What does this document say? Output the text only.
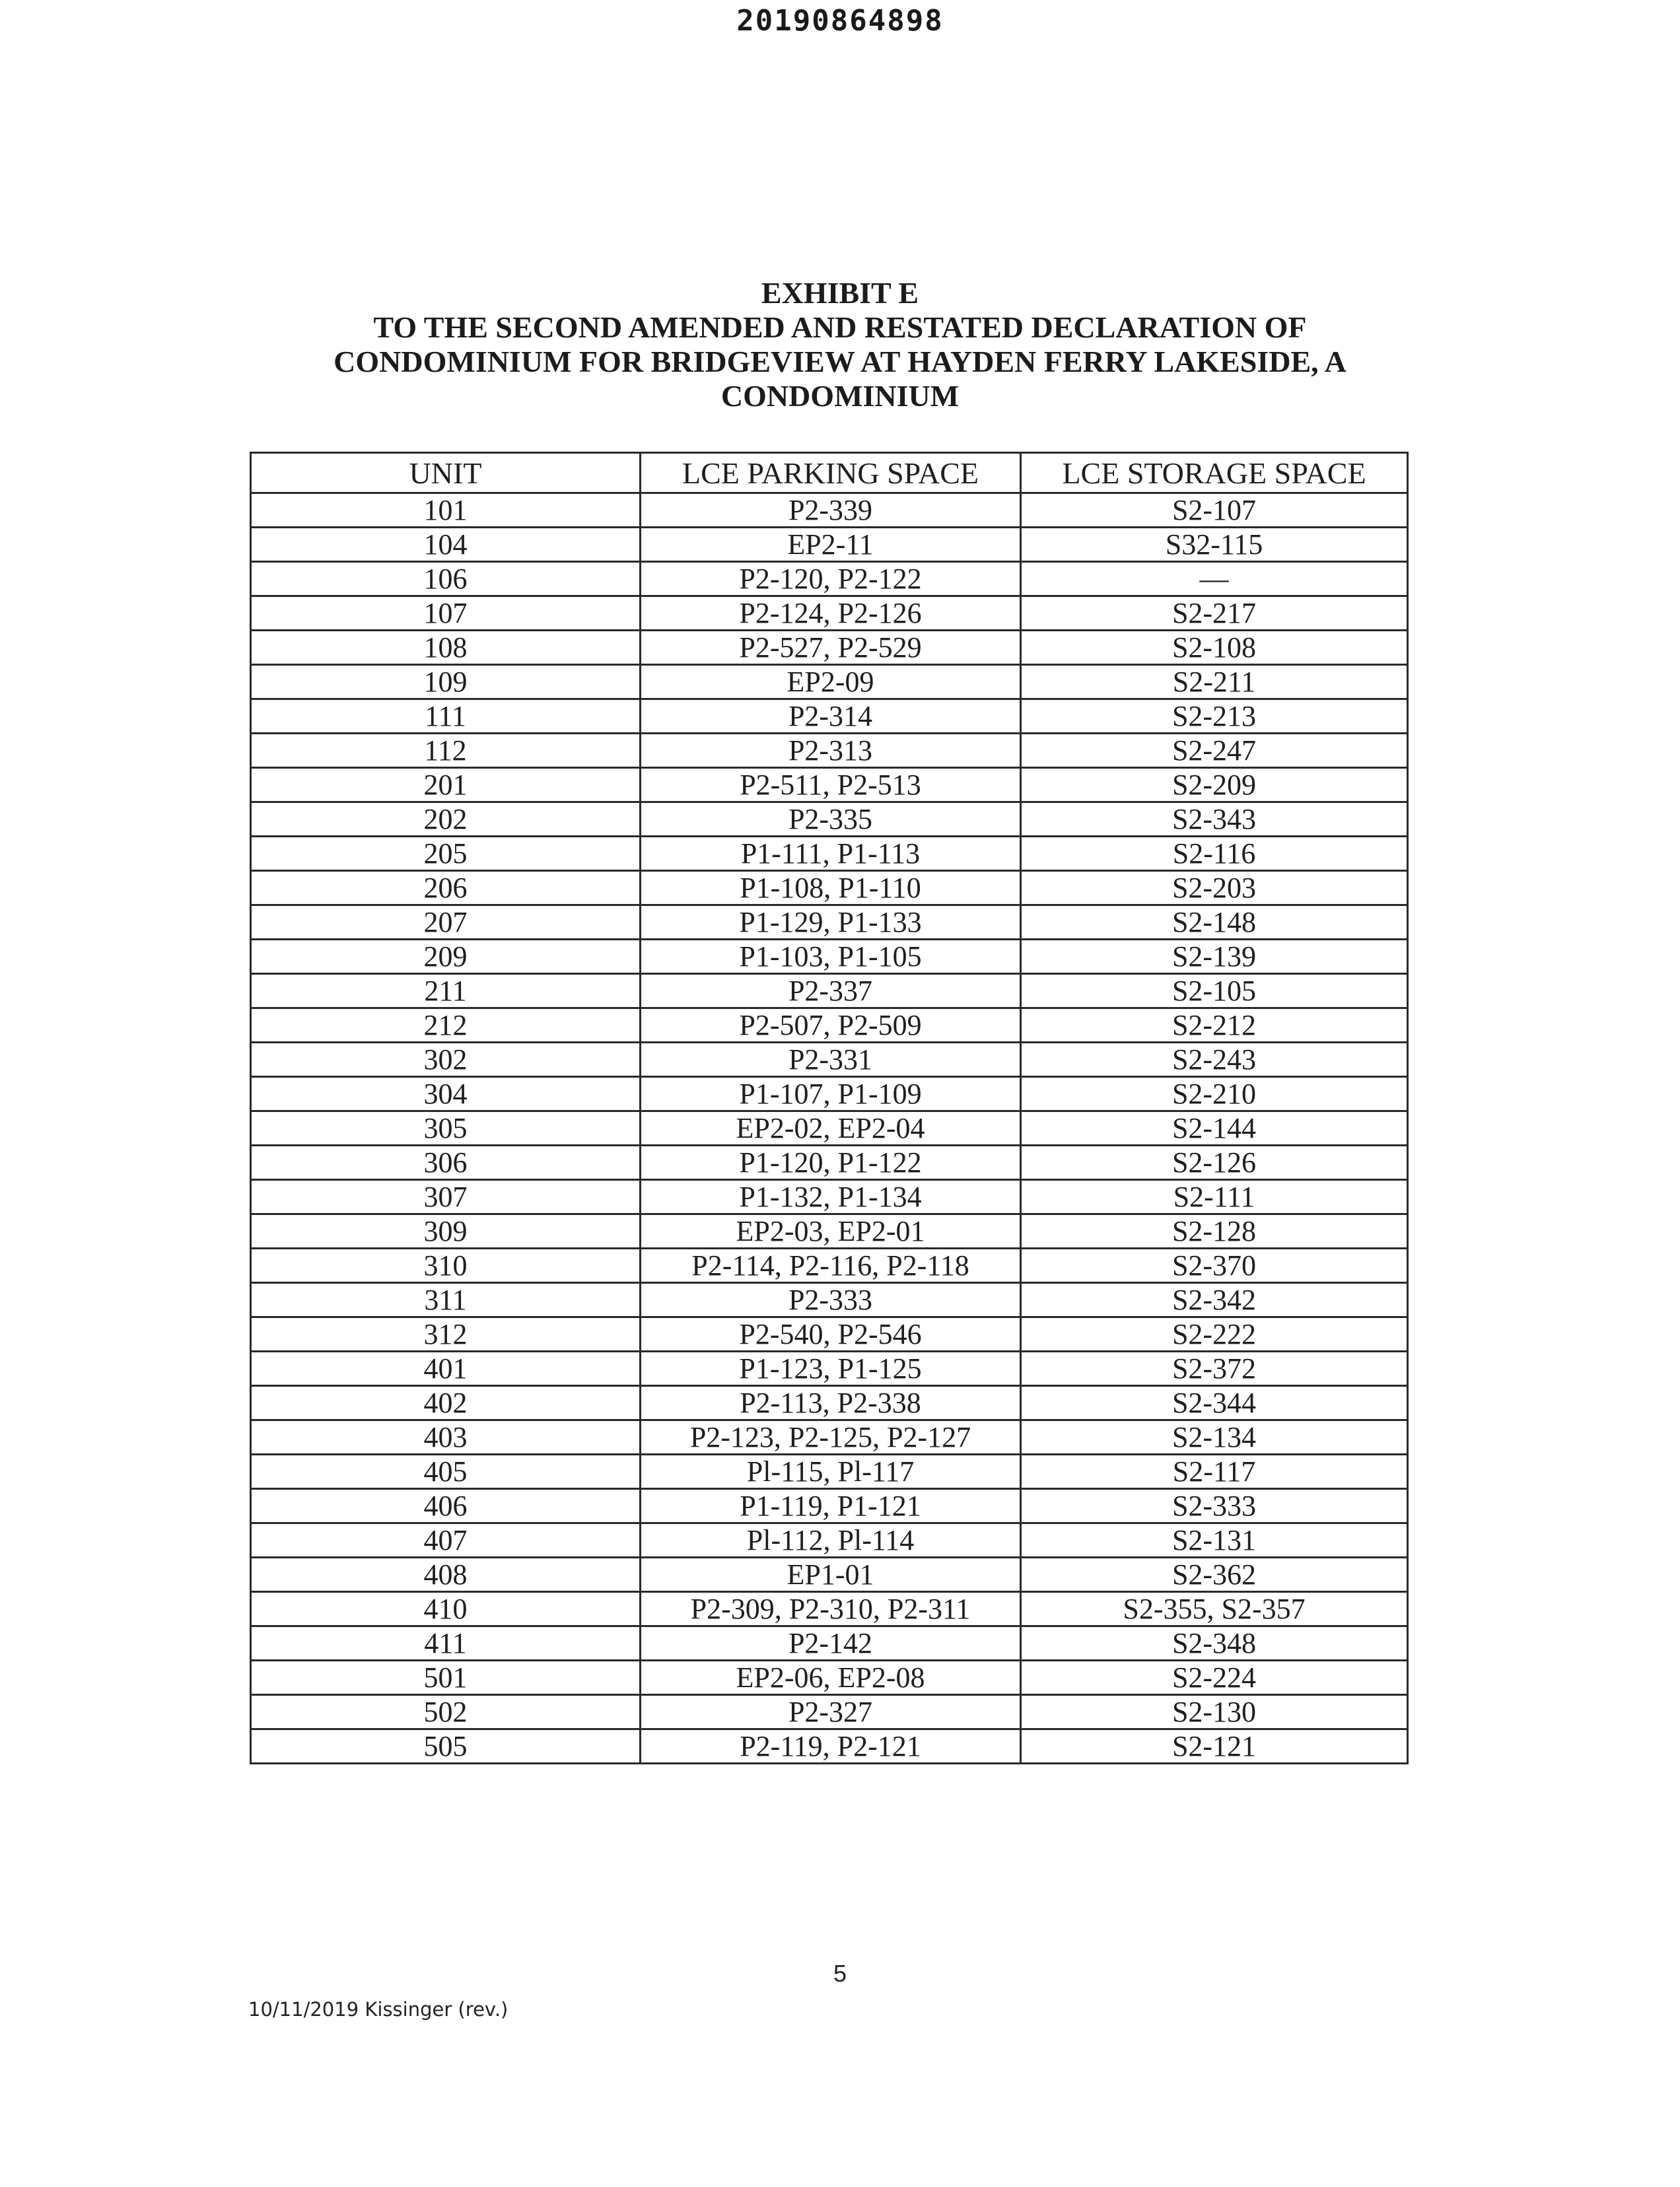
20190864898
EXHIBIT E
TO THE SECOND AMENDED AND RESTATED DECLARATION OF
CONDOMINIUM FOR BRIDGEVIEW AT HAYDEN FERRY LAKESIDE, A
CONDOMINIUM
UNIT	LCE PARKING SPACE	LCE STORAGE SPACE
101	P2-339	S2-107
104	EP2-11	S32-115
106	P2-120, P2-122	—
107	P2-124, P2-126	S2-217
108	P2-527, P2-529	S2-108
109	EP2-09	S2-211
111	P2-314	S2-213
112	P2-313	S2-247
201	P2-511, P2-513	S2-209
202	P2-335	S2-343
205	P1-111, P1-113	S2-116
206	P1-108, P1-110	S2-203
207	P1-129, P1-133	S2-148
209	P1-103, P1-105	S2-139
211	P2-337	S2-105
212	P2-507, P2-509	S2-212
302	P2-331	S2-243
304	P1-107, P1-109	S2-210
305	EP2-02, EP2-04	S2-144
306	P1-120, P1-122	S2-126
307	P1-132, P1-134	S2-111
309	EP2-03, EP2-01	S2-128
310	P2-114, P2-116, P2-118	S2-370
311	P2-333	S2-342
312	P2-540, P2-546	S2-222
401	P1-123, P1-125	S2-372
402	P2-113, P2-338	S2-344
403	P2-123, P2-125, P2-127	S2-134
405	Pl-115, Pl-117	S2-117
406	P1-119, P1-121	S2-333
407	Pl-112, Pl-114	S2-131
408	EP1-01	S2-362
410	P2-309, P2-310, P2-311	S2-355, S2-357
411	P2-142	S2-348
501	EP2-06, EP2-08	S2-224
502	P2-327	S2-130
505	P2-119, P2-121	S2-121
5
10/11/2019 Kissinger (rev.)
